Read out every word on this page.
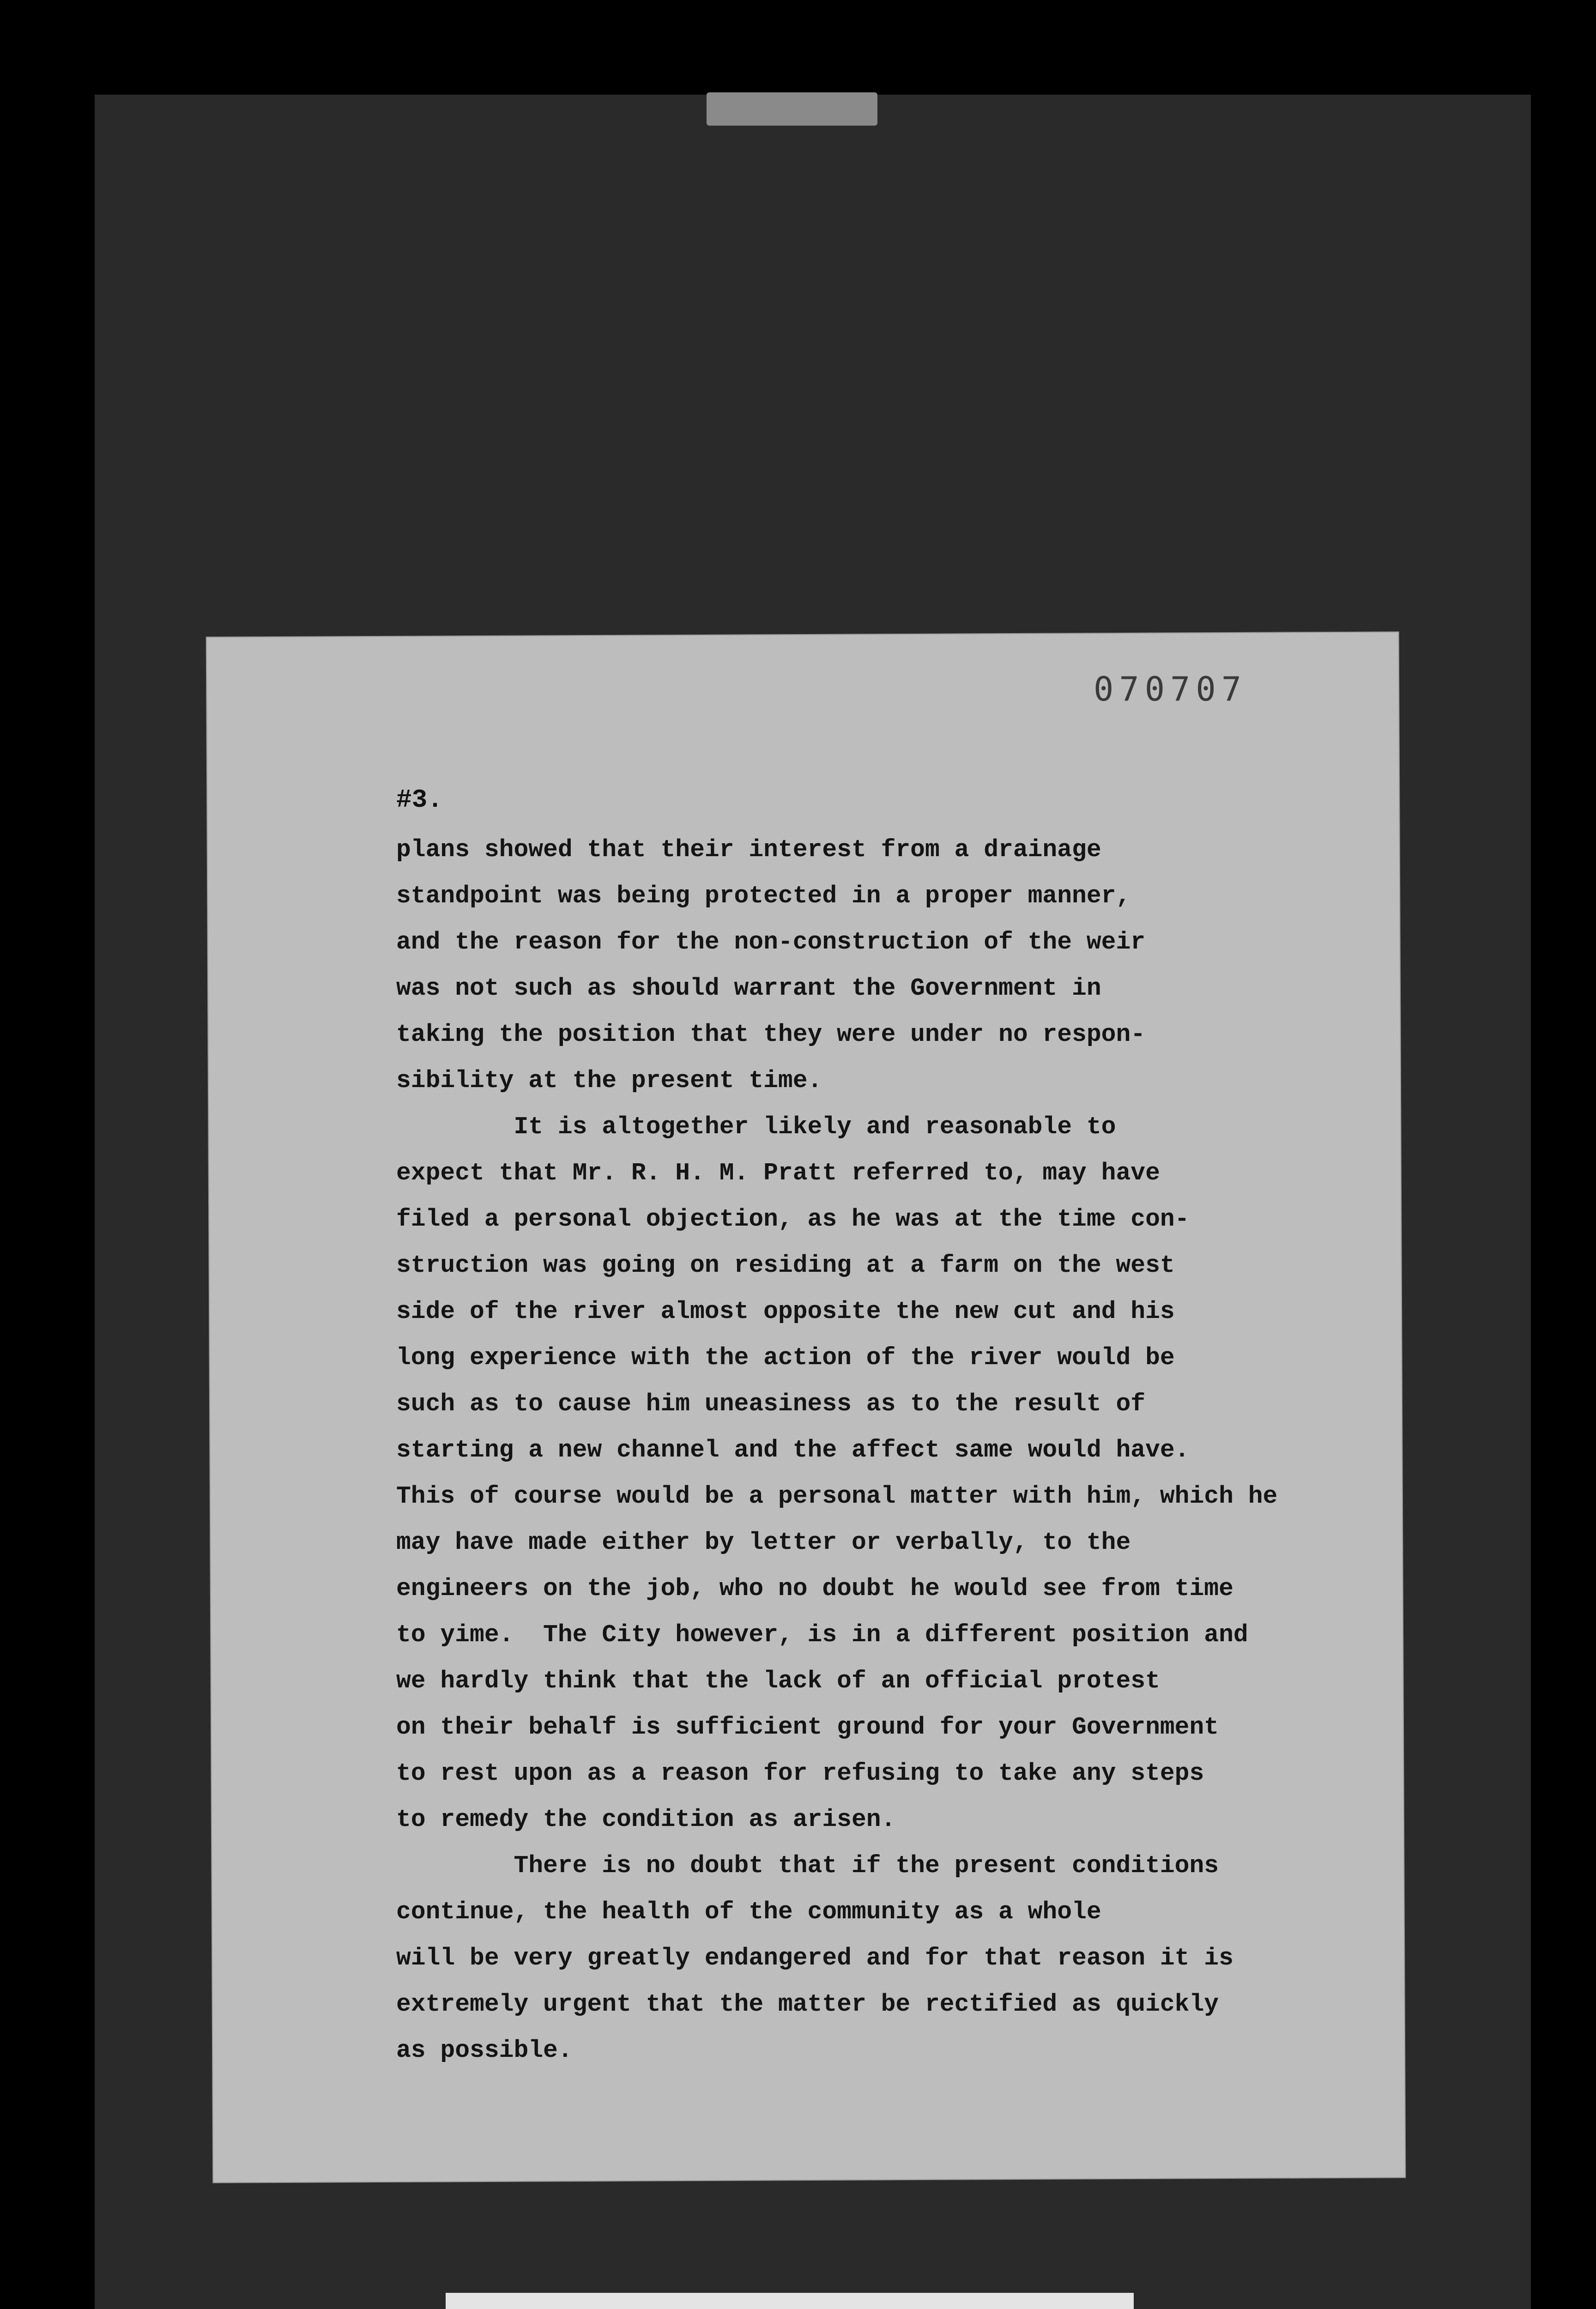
070707
#3.
plans showed that their interest from a drainage
standpoint was being protected in a proper manner,
and the reason for the non-construction of the weir
was not such as should warrant the Government in
taking the position that they were under no respon-
sibility at the present time.
It is altogether likely and reasonable to
expect that Mr. R. H. M. Pratt referred to, may have
filed a personal objection, as he was at the time con-
struction was going on residing at a farm on the west
side of the river almost opposite the new cut and his
long experience with the action of the river would be
such as to cause him uneasiness as to the result of
starting a new channel and the affect same would have.
This of course would be a personal matter with him, which he
may have made either by letter or verbally, to the
engineers on the job, who no doubt he would see from time
to yime.  The City however, is in a different position and
we hardly think that the lack of an official protest
on their behalf is sufficient ground for your Government
to rest upon as a reason for refusing to take any steps
to remedy the condition as arisen.
There is no doubt that if the present conditions
continue, the health of the community as a whole
will be very greatly endangered and for that reason it is
extremely urgent that the matter be rectified as quickly
as possible.
